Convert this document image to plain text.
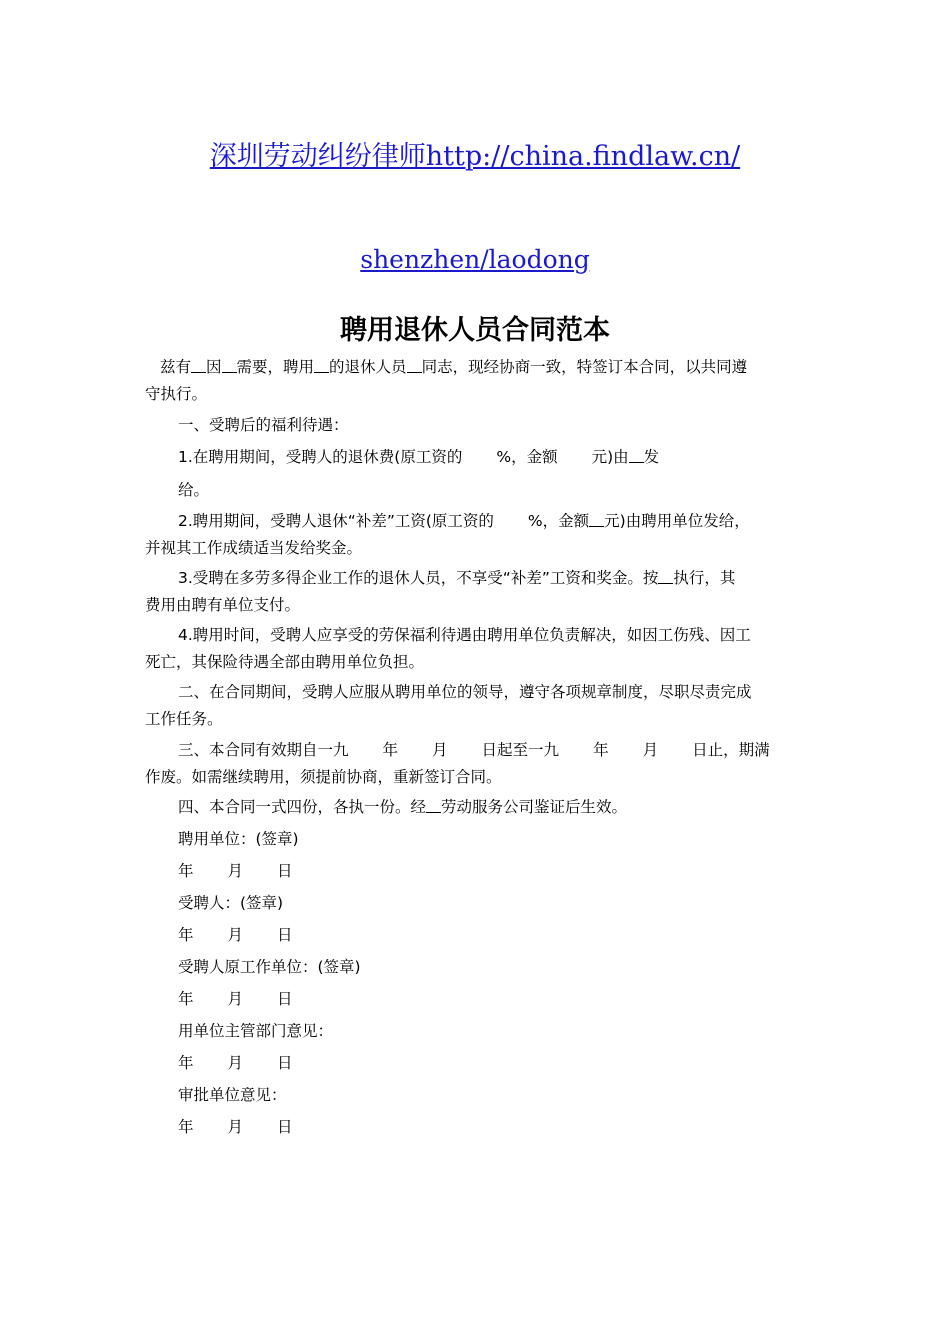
深圳劳动纠纷律师http://china.findlaw.cn/
shenzhen/laodong
聘用退休人员合同范本
兹有 因 需要，聘用 的退休人员 同志，现经协商一致，特签订本合同，以共同遵
守执行。
一、受聘后的福利待遇：
1.在聘用期间，受聘人的退休费(原工资的 %，金额 元)由 发
给。
2.聘用期间，受聘人退休“补差”工资(原工资的 %，金额 元)由聘用单位发给，
并视其工作成绩适当发给奖金。
3.受聘在多劳多得企业工作的退休人员，不享受“补差”工资和奖金。按 执行，其
费用由聘有单位支付。
4.聘用时间，受聘人应享受的劳保福利待遇由聘用单位负责解决，如因工伤残、因工
死亡，其保险待遇全部由聘用单位负担。
二、在合同期间，受聘人应服从聘用单位的领导，遵守各项规章制度，尽职尽责完成
工作任务。
三、本合同有效期自一九 年 月 日起至一九 年 月 日止，期满
作废。如需继续聘用，须提前协商，重新签订合同。
四、本合同一式四份，各执一份。经 劳动服务公司鉴证后生效。
聘用单位：(签章)
年 月 日
受聘人：(签章)
年 月 日
受聘人原工作单位：(签章)
年 月 日
用单位主管部门意见：
年 月 日
审批单位意见：
年 月 日
